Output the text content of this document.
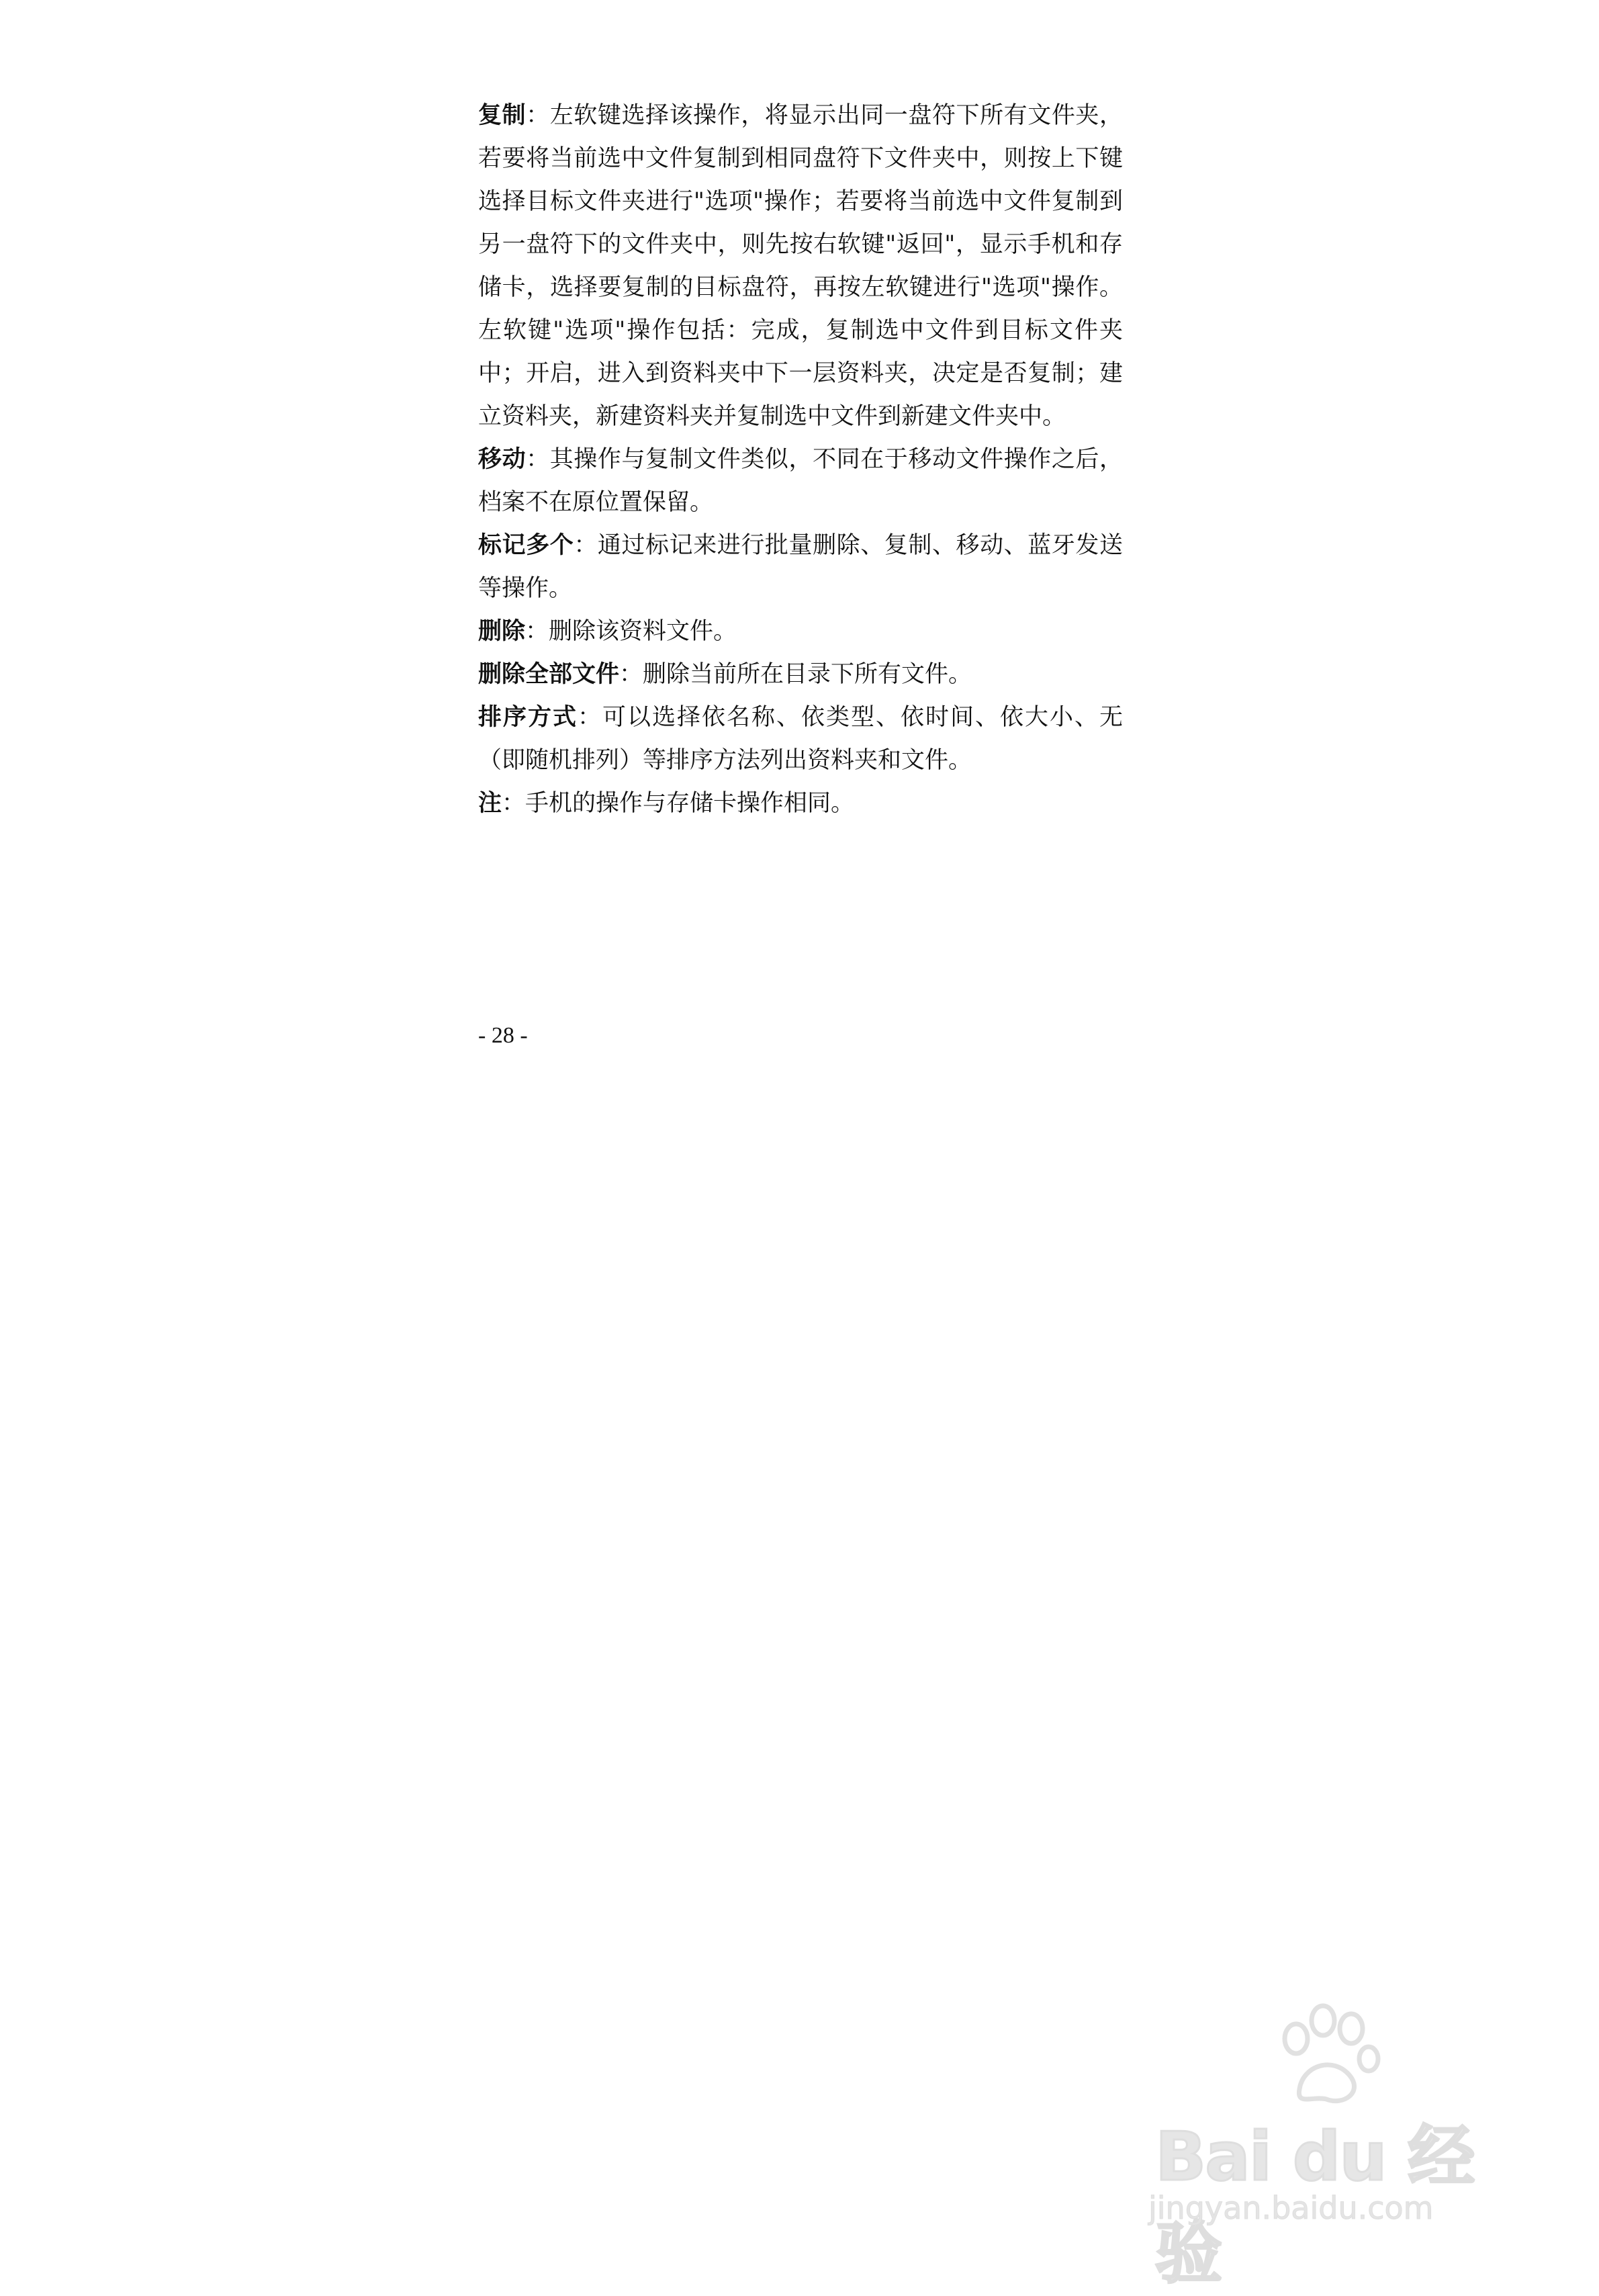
复制：左软键选择该操作，将显示出同一盘符下所有文件夹，若要将当前选中文件复制到相同盘符下文件夹中，则按上下键选择目标文件夹进行"选项"操作；若要将当前选中文件复制到另一盘符下的文件夹中，则先按右软键"返回"，显示手机和存储卡，选择要复制的目标盘符，再按左软键进行"选项"操作。左软键"选项"操作包括：完成，复制选中文件到目标文件夹中；开启，进入到资料夹中下一层资料夹，决定是否复制；建立资料夹，新建资料夹并复制选中文件到新建文件夹中。

移动：其操作与复制文件类似，不同在于移动文件操作之后，档案不在原位置保留。

标记多个：通过标记来进行批量删除、复制、移动、蓝牙发送等操作。

删除：删除该资料文件。

删除全部文件：删除当前所在目录下所有文件。

排序方式：可以选择依名称、依类型、依时间、依大小、无（即随机排列）等排序方法列出资料夹和文件。

注：手机的操作与存储卡操作相同。

- 28 -
Bai du 经验
jingyan.baidu.com
